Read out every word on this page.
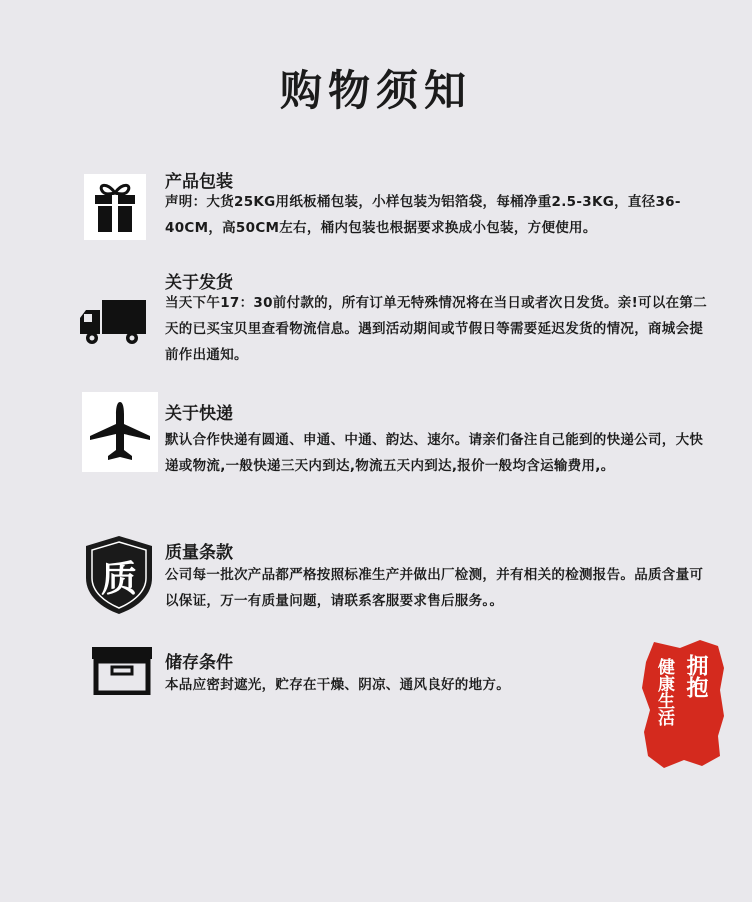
购物须知
产品包装
声明：大货25KG用纸板桶包装，小样包装为铝箔袋，每桶净重2.5-3KG，直径36-40CM，高50CM左右，桶内包装也根据要求换成小包装，方便使用。
关于发货
当天下午17：30前付款的，所有订单无特殊情况将在当日或者次日发货。亲!可以在第二天的已买宝贝里查看物流信息。遇到活动期间或节假日等需要延迟发货的情况，商城会提前作出通知。
关于快递
默认合作快递有圆通、申通、中通、韵达、速尔。请亲们备注自己能到的快递公司，大快递或物流,一般快递三天内到达,物流五天内到达,报价一般均含运输费用,。
质
质量条款
公司每一批次产品都严格按照标准生产并做出厂检测，并有相关的检测报告。品质含量可以保证，万一有质量问题，请联系客服要求售后服务。。
储存条件
本品应密封遮光，贮存在干燥、阴凉、通风良好的地方。	拥抱
健康生活
